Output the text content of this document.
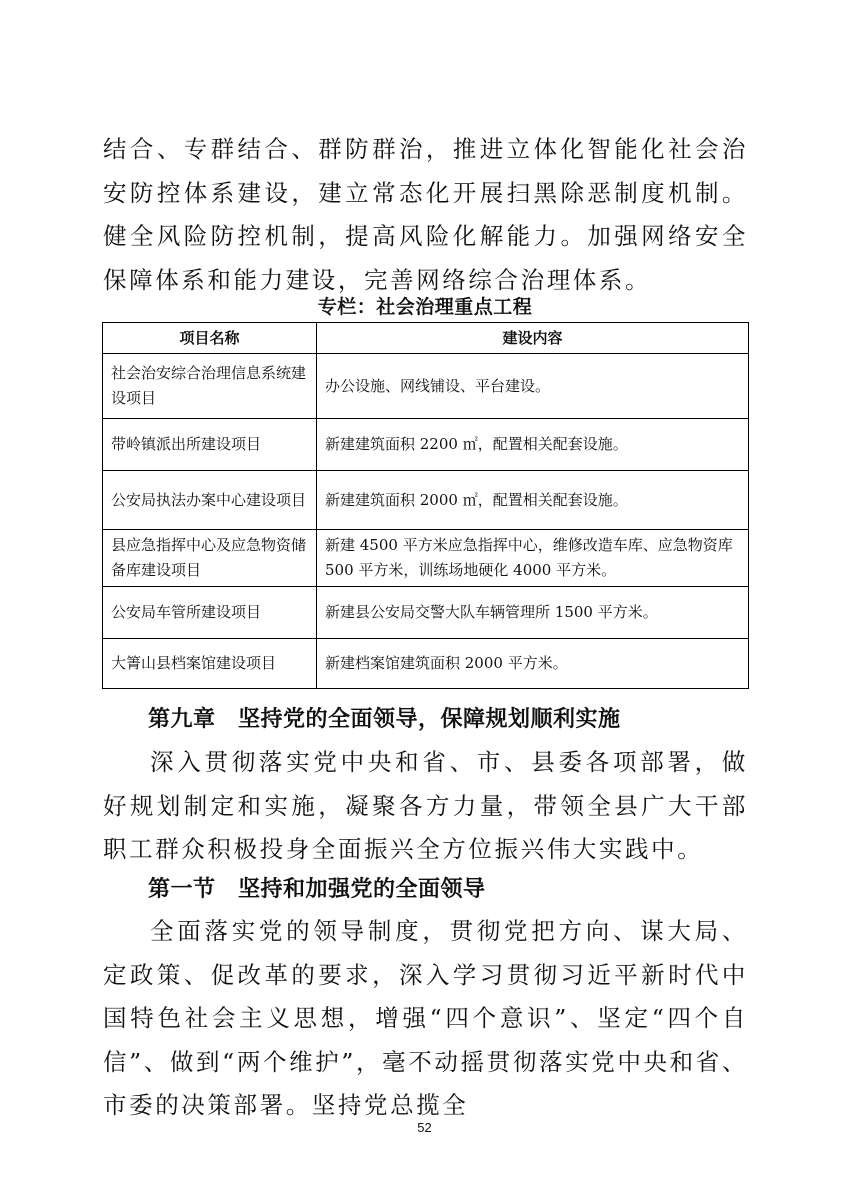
结合、专群结合、群防群治，推进立体化智能化社会治安防控体系建设，建立常态化开展扫黑除恶制度机制。健全风险防控机制，提高风险化解能力。加强网络安全保障体系和能力建设，完善网络综合治理体系。

专栏：社会治理重点工程

项目名称	建设内容
社会治安综合治理信息系统建设项目	办公设施、网线铺设、平台建设。
带岭镇派出所建设项目	新建建筑面积 2200 ㎡，配置相关配套设施。
公安局执法办案中心建设项目	新建建筑面积 2000 ㎡，配置相关配套设施。
县应急指挥中心及应急物资储备库建设项目	新建 4500 平方米应急指挥中心，维修改造车库、应急物资库 500 平方米，训练场地硬化 4000 平方米。
公安局车管所建设项目	新建县公安局交警大队车辆管理所 1500 平方米。
大箐山县档案馆建设项目	新建档案馆建筑面积 2000 平方米。
第九章　坚持党的全面领导，保障规划顺利实施

深入贯彻落实党中央和省、市、县委各项部署，做好规划制定和实施，凝聚各方力量，带领全县广大干部职工群众积极投身全面振兴全方位振兴伟大实践中。

第一节　坚持和加强党的全面领导

全面落实党的领导制度，贯彻党把方向、谋大局、定政策、促改革的要求，深入学习贯彻习近平新时代中国特色社会主义思想，增强“四个意识”、坚定“四个自信”、做到“两个维护”，毫不动摇贯彻落实党中央和省、市委的决策部署。坚持党总揽全

52
